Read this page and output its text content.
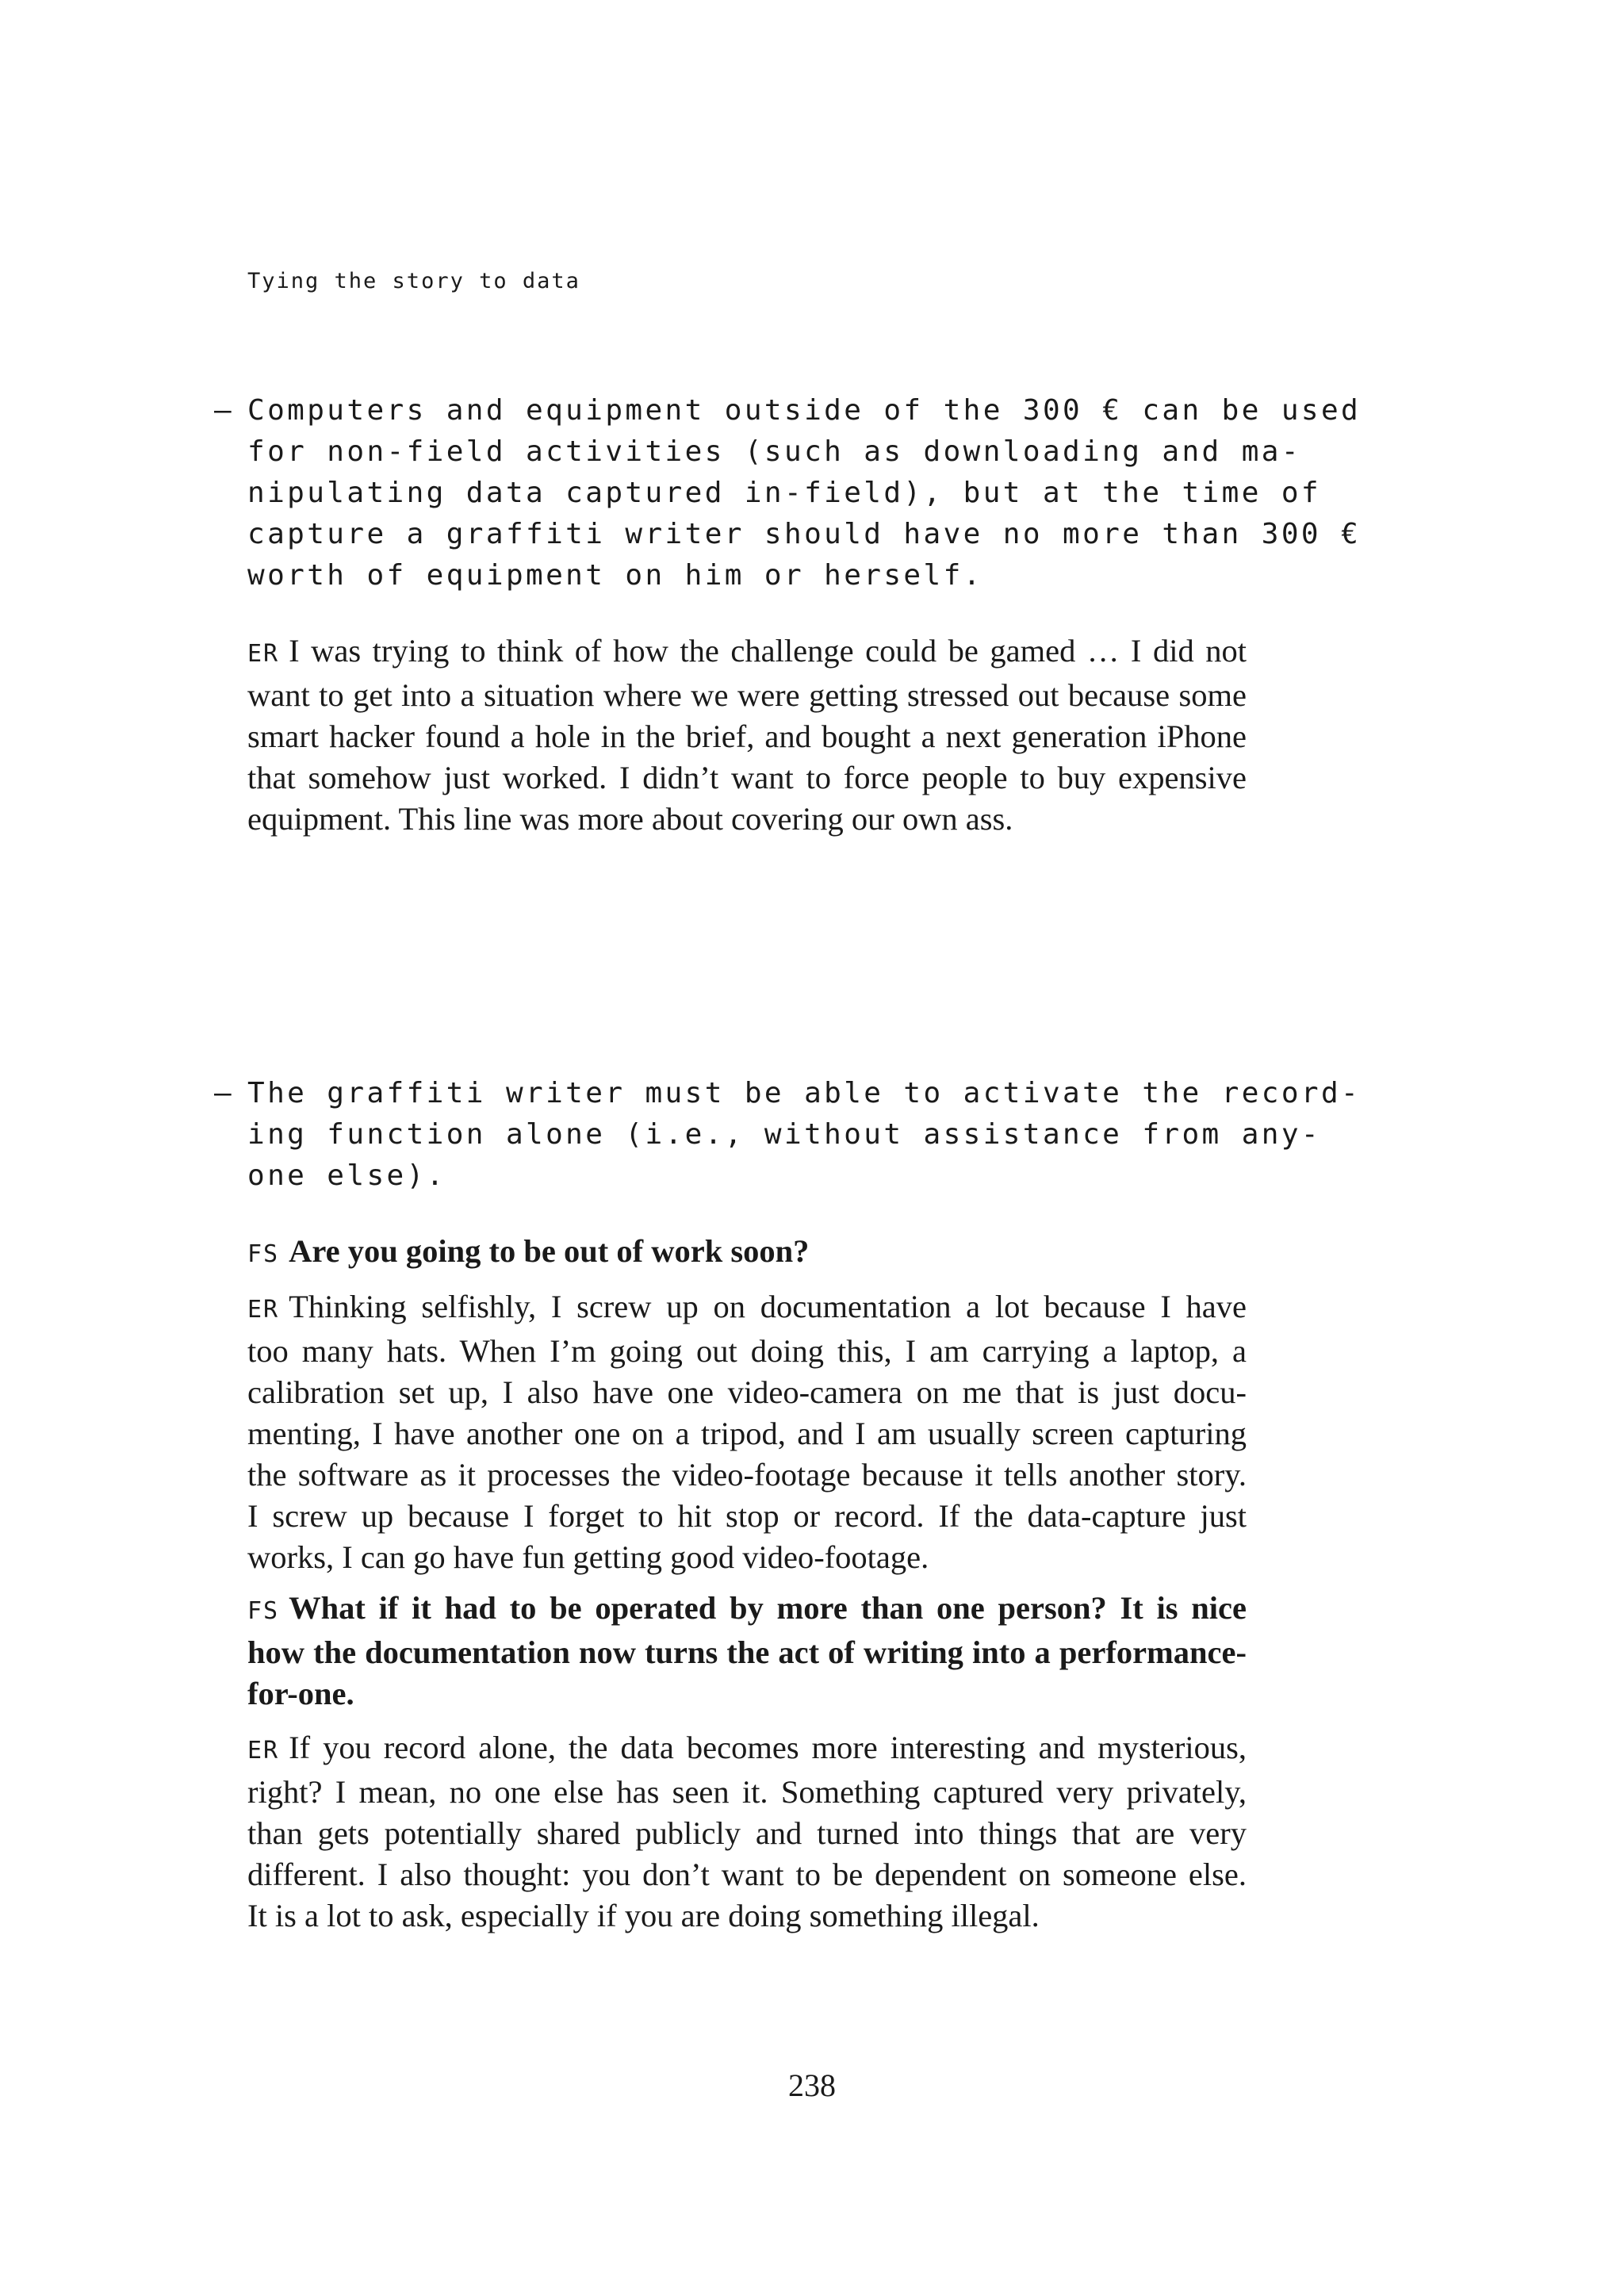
Tying the story to data
– Computers and equipment outside of the 300 € can be used
for non-field activities (such as downloading and ma-
nipulating data captured in-field), but at the time of
capture a graffiti writer should have no more than 300 €
worth of equipment on him or herself.
ER I was trying to think of how the challenge could be gamed … I did not
want to get into a situation where we were getting stressed out because some
smart hacker found a hole in the brief, and bought a next generation iPhone
that somehow just worked. I didn’t want to force people to buy expensive
equipment. This line was more about covering our own ass.
– The graffiti writer must be able to activate the record-
ing function alone (i.e., without assistance from any-
one else).
FS Are you going to be out of work soon?
ER Thinking selfishly, I screw up on documentation a lot because I have
too many hats. When I’m going out doing this, I am carrying a laptop, a
calibration set up, I also have one video-camera on me that is just docu-
menting, I have another one on a tripod, and I am usually screen capturing
the software as it processes the video-footage because it tells another story.
I screw up because I forget to hit stop or record. If the data-capture just
works, I can go have fun getting good video-footage.
FS What if it had to be operated by more than one person? It is nice
how the documentation now turns the act of writing into a performance-
for-one.
ER If you record alone, the data becomes more interesting and mysterious,
right? I mean, no one else has seen it. Something captured very privately,
than gets potentially shared publicly and turned into things that are very
different. I also thought: you don’t want to be dependent on someone else.
It is a lot to ask, especially if you are doing something illegal.
238
